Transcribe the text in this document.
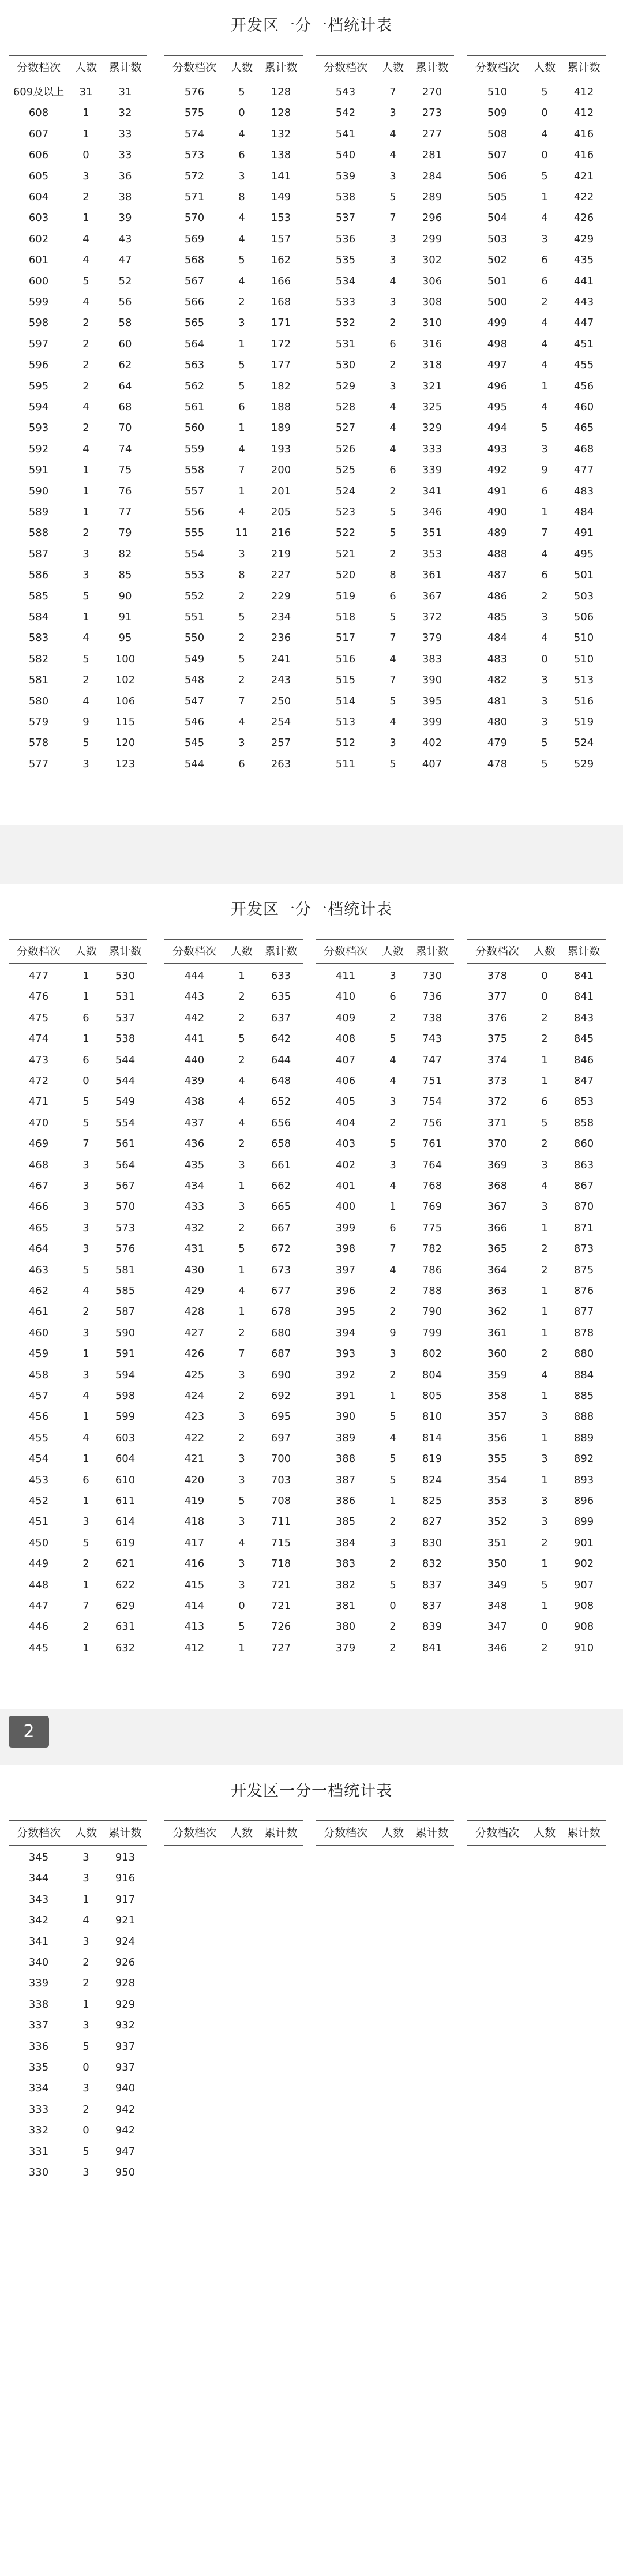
开发区一分一档统计表
分数档次	人数	累计数
609及以上	31	31
608	1	32
607	1	33
606	0	33
605	3	36
604	2	38
603	1	39
602	4	43
601	4	47
600	5	52
599	4	56
598	2	58
597	2	60
596	2	62
595	2	64
594	4	68
593	2	70
592	4	74
591	1	75
590	1	76
589	1	77
588	2	79
587	3	82
586	3	85
585	5	90
584	1	91
583	4	95
582	5	100
581	2	102
580	4	106
579	9	115
578	5	120
577	3	123
分数档次	人数	累计数
576	5	128
575	0	128
574	4	132
573	6	138
572	3	141
571	8	149
570	4	153
569	4	157
568	5	162
567	4	166
566	2	168
565	3	171
564	1	172
563	5	177
562	5	182
561	6	188
560	1	189
559	4	193
558	7	200
557	1	201
556	4	205
555	11	216
554	3	219
553	8	227
552	2	229
551	5	234
550	2	236
549	5	241
548	2	243
547	7	250
546	4	254
545	3	257
544	6	263
分数档次	人数	累计数
543	7	270
542	3	273
541	4	277
540	4	281
539	3	284
538	5	289
537	7	296
536	3	299
535	3	302
534	4	306
533	3	308
532	2	310
531	6	316
530	2	318
529	3	321
528	4	325
527	4	329
526	4	333
525	6	339
524	2	341
523	5	346
522	5	351
521	2	353
520	8	361
519	6	367
518	5	372
517	7	379
516	4	383
515	7	390
514	5	395
513	4	399
512	3	402
511	5	407
分数档次	人数	累计数
510	5	412
509	0	412
508	4	416
507	0	416
506	5	421
505	1	422
504	4	426
503	3	429
502	6	435
501	6	441
500	2	443
499	4	447
498	4	451
497	4	455
496	1	456
495	4	460
494	5	465
493	3	468
492	9	477
491	6	483
490	1	484
489	7	491
488	4	495
487	6	501
486	2	503
485	3	506
484	4	510
483	0	510
482	3	513
481	3	516
480	3	519
479	5	524
478	5	529
开发区一分一档统计表
分数档次	人数	累计数
477	1	530
476	1	531
475	6	537
474	1	538
473	6	544
472	0	544
471	5	549
470	5	554
469	7	561
468	3	564
467	3	567
466	3	570
465	3	573
464	3	576
463	5	581
462	4	585
461	2	587
460	3	590
459	1	591
458	3	594
457	4	598
456	1	599
455	4	603
454	1	604
453	6	610
452	1	611
451	3	614
450	5	619
449	2	621
448	1	622
447	7	629
446	2	631
445	1	632
分数档次	人数	累计数
444	1	633
443	2	635
442	2	637
441	5	642
440	2	644
439	4	648
438	4	652
437	4	656
436	2	658
435	3	661
434	1	662
433	3	665
432	2	667
431	5	672
430	1	673
429	4	677
428	1	678
427	2	680
426	7	687
425	3	690
424	2	692
423	3	695
422	2	697
421	3	700
420	3	703
419	5	708
418	3	711
417	4	715
416	3	718
415	3	721
414	0	721
413	5	726
412	1	727
分数档次	人数	累计数
411	3	730
410	6	736
409	2	738
408	5	743
407	4	747
406	4	751
405	3	754
404	2	756
403	5	761
402	3	764
401	4	768
400	1	769
399	6	775
398	7	782
397	4	786
396	2	788
395	2	790
394	9	799
393	3	802
392	2	804
391	1	805
390	5	810
389	4	814
388	5	819
387	5	824
386	1	825
385	2	827
384	3	830
383	2	832
382	5	837
381	0	837
380	2	839
379	2	841
分数档次	人数	累计数
378	0	841
377	0	841
376	2	843
375	2	845
374	1	846
373	1	847
372	6	853
371	5	858
370	2	860
369	3	863
368	4	867
367	3	870
366	1	871
365	2	873
364	2	875
363	1	876
362	1	877
361	1	878
360	2	880
359	4	884
358	1	885
357	3	888
356	1	889
355	3	892
354	1	893
353	3	896
352	3	899
351	2	901
350	1	902
349	5	907
348	1	908
347	0	908
346	2	910
开发区一分一档统计表
分数档次	人数	累计数
345	3	913
344	3	916
343	1	917
342	4	921
341	3	924
340	2	926
339	2	928
338	1	929
337	3	932
336	5	937
335	0	937
334	3	940
333	2	942
332	0	942
331	5	947
330	3	950
分数档次	人数	累计数	分数档次	人数	累计数	分数档次	人数	累计数
2
